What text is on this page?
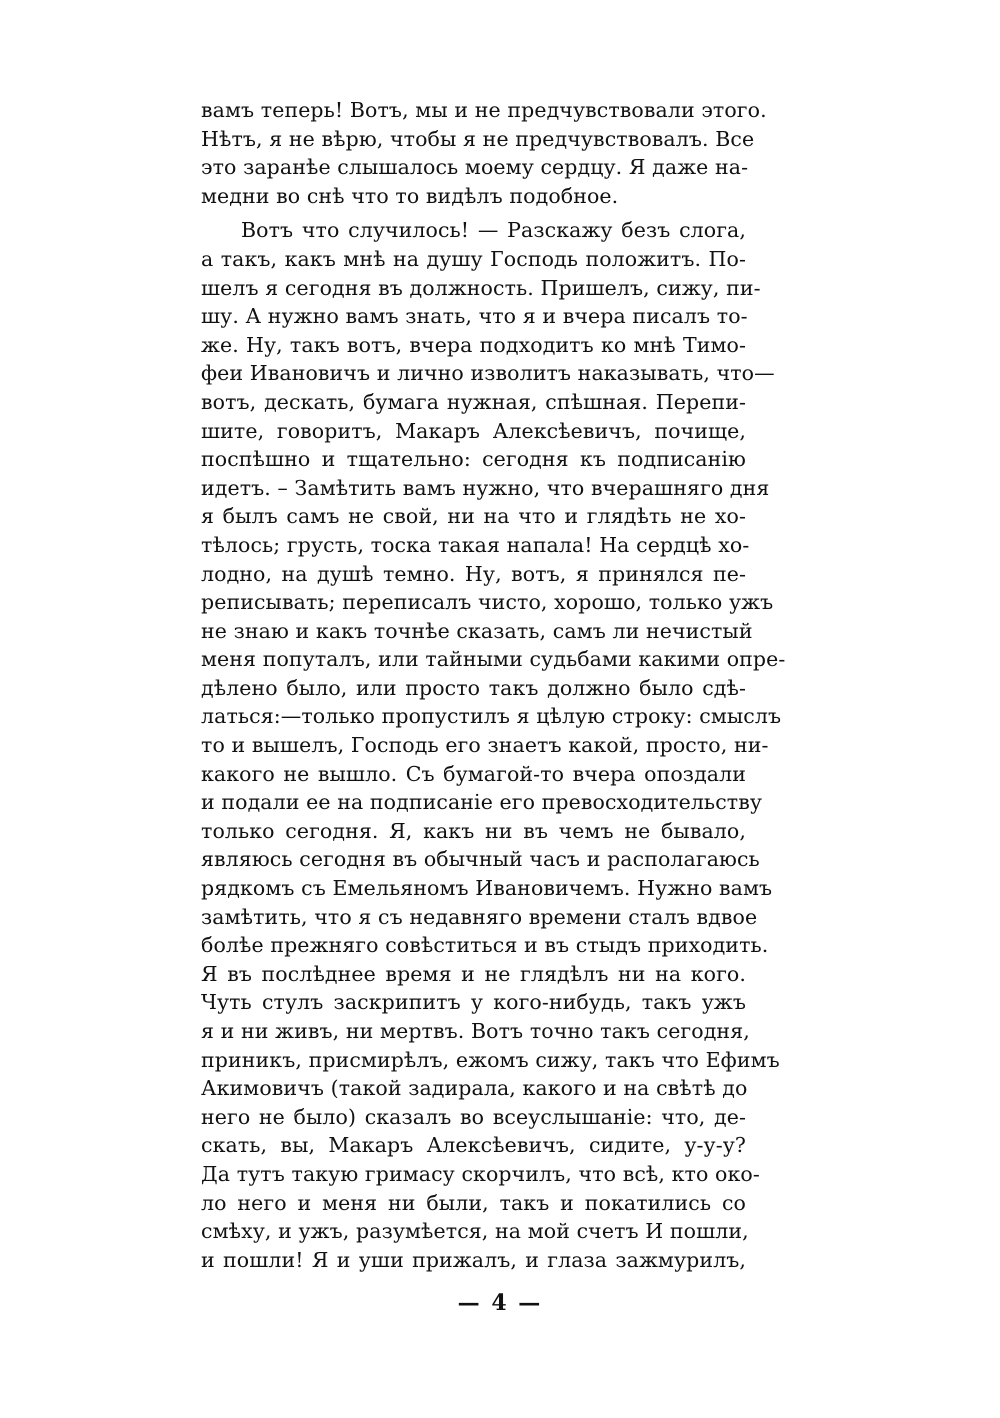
вамъ теперь! Вотъ, мы и не предчувствовали этого.
Нѣтъ, я не вѣрю, чтобы я не предчувствовалъ. Все
это заранѣе слышалось моему сердцу. Я даже на-
медни во снѣ что то видѣлъ подобное.
Вотъ что случилось! — Разскажу безъ слога,
а такъ, какъ мнѣ на душу Господь положитъ. По-
шелъ я сегодня въ должность. Пришелъ, сижу, пи-
шу. А нужно вамъ знать, что я и вчера писалъ то-
же. Ну, такъ вотъ, вчера подходитъ ко мнѣ Тимо-
феи Ивановичъ и лично изволитъ наказывать, что—
вотъ, дескать, бумага нужная, спѣшная. Перепи-
шите, говоритъ, Макаръ Алексѣевичъ, почище,
поспѣшно и тщательно: сегодня къ подписанію
идетъ. – Замѣтить вамъ нужно, что вчерашняго дня
я былъ самъ не свой, ни на что и глядѣть не хо-
тѣлось; грусть, тоска такая напала! На сердцѣ хо-
лодно, на душѣ темно. Ну, вотъ, я принялся пе-
реписывать; переписалъ чисто, хорошо, только ужъ
не знаю и какъ точнѣе сказать, самъ ли нечистый
меня попуталъ, или тайными судьбами какими опре-
дѣлено было, или просто такъ должно было сдѣ-
латься:—только пропустилъ я цѣлую строку: смыслъ
то и вышелъ, Господь его знаетъ какой, просто, ни-
какого не вышло. Съ бумагой-то вчера опоздали
и подали ее на подписаніе его превосходительству
только сегодня. Я, какъ ни въ чемъ не бывало,
являюсь сегодня въ обычный часъ и располагаюсь
рядкомъ съ Емельяномъ Ивановичемъ. Нужно вамъ
замѣтить, что я съ недавняго времени сталъ вдвое
болѣе прежняго совѣститься и въ стыдъ приходить.
Я въ послѣднее время и не глядѣлъ ни на кого.
Чуть стулъ заскрипитъ у кого-нибудь, такъ ужъ
я и ни живъ, ни мертвъ. Вотъ точно такъ сегодня,
приникъ, присмирѣлъ, ежомъ сижу, такъ что Ефимъ
Акимовичъ (такой задирала, какого и на свѣтѣ до
него не было) сказалъ во всеуслышаніе: что, де-
скать, вы, Макаръ Алексѣевичъ, сидите, у-у-у?
Да тутъ такую гримасу скорчилъ, что всѣ, кто око-
ло него и меня ни были, такъ и покатились со
смѣху, и ужъ, разумѣется, на мой счетъ И пошли,
и пошли! Я и уши прижалъ, и глаза зажмурилъ,
— 4 —
